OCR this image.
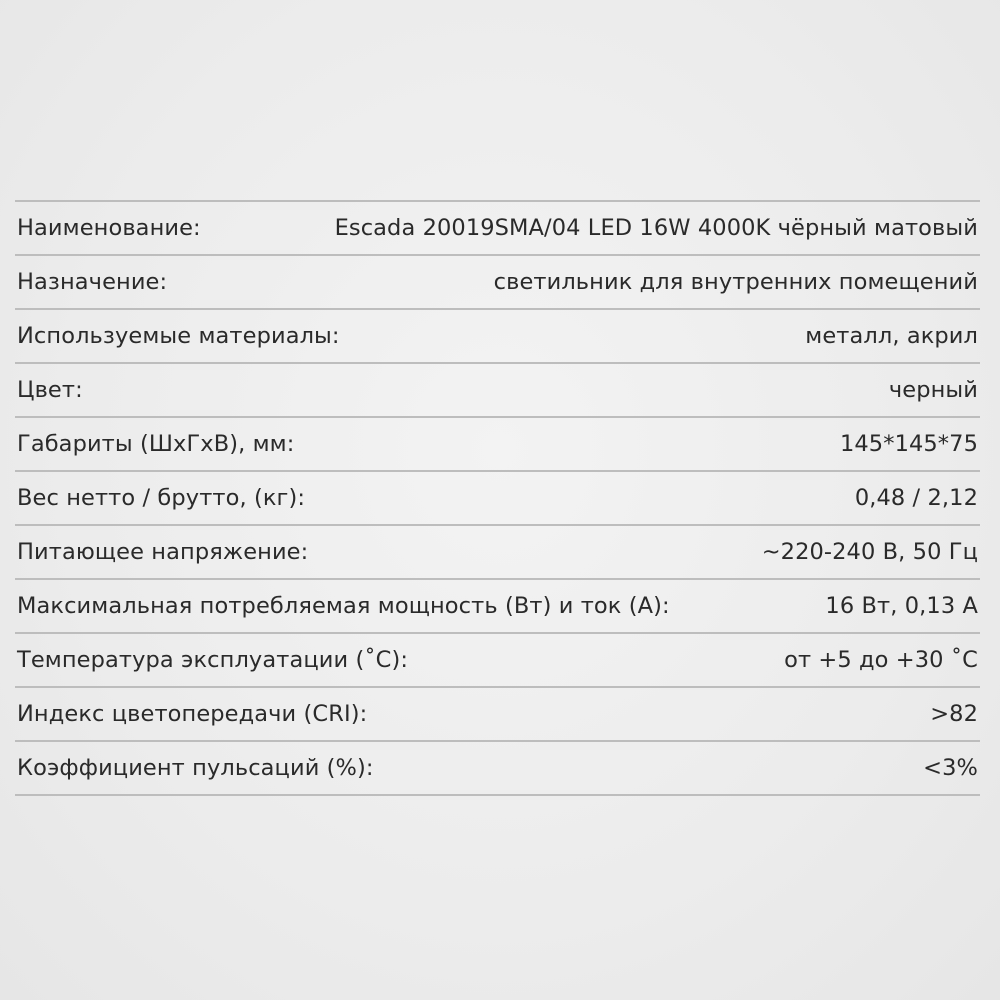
Наименование:	Escada 20019SMA/04 LED 16W 4000K чёрный матовый
Назначение:	светильник для внутренних помещений
Используемые материалы:	металл, акрил
Цвет:	черный
Габариты (ШхГхВ), мм:	145*145*75
Вес нетто / брутто, (кг):	0,48 / 2,12
Питающее напряжение:	~220-240 В, 50 Гц
Максимальная потребляемая мощность (Вт) и ток (А):	16 Вт, 0,13 А
Температура эксплуатации (˚С):	от +5 до +30 ˚С
Индекс цветопередачи (CRI):	>82
Коэффициент пульсаций (%):	<3%
